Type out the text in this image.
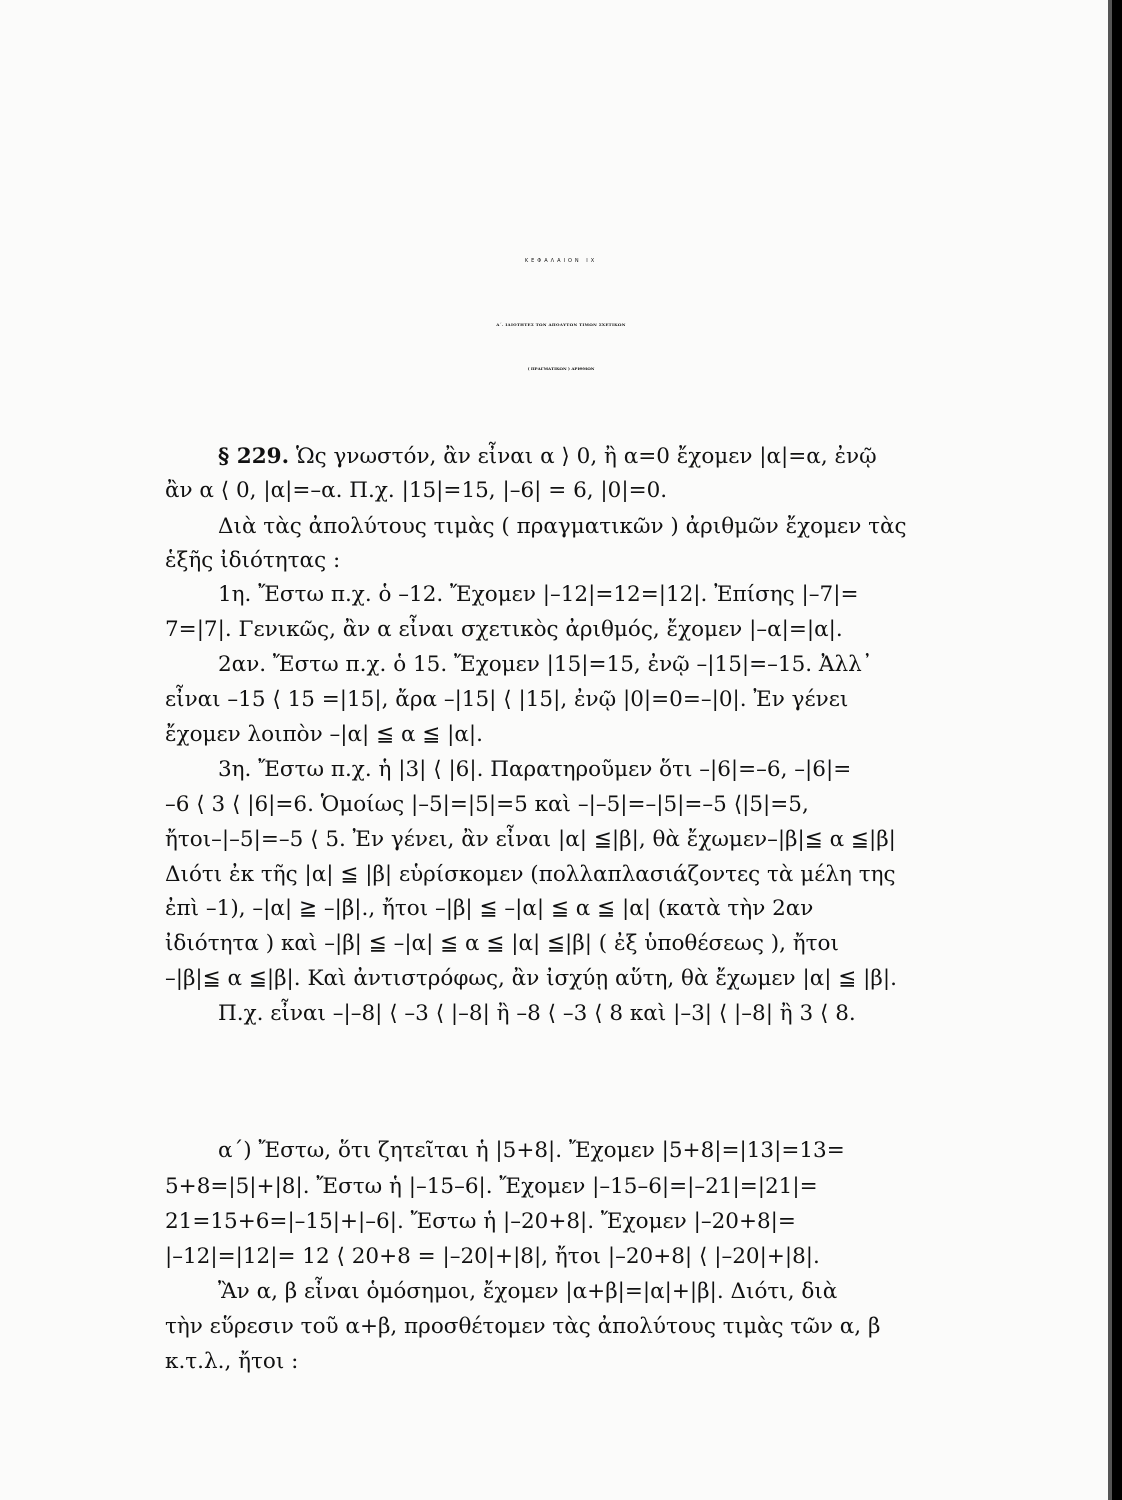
ΚΕΦΑΛΑΙΟΝ ΙΧ
Α΄. ΙΔΙΟΤΗΤΕΣ ΤΩΝ ΑΠΟΛΥΤΩΝ ΤΙΜΩΝ ΣΧΕΤΙΚΩΝ
( ΠΡΑΓΜΑΤΙΚΩΝ ) ΑΡΙΘΜΩΝ
§ 229. Ὡς γνωστόν, ἂν εἶναι α ⟩ 0, ἢ α=0 ἔχομεν |α|=α, ἐνῷ
ἂν α ⟨ 0, |α|=–α. Π.χ. |15|=15, |–6| = 6, |0|=0.
Διὰ τὰς ἀπολύτους τιμὰς ( πραγματικῶν ) ἀριθμῶν ἔχομεν τὰς
ἑξῆς ἰδιότητας :
1η. Ἔστω π.χ. ὁ –12. Ἔχομεν |–12|=12=|12|. Ἐπίσης |–7|=
7=|7|. Γενικῶς, ἂν α εἶναι σχετικὸς ἀριθμός, ἔχομεν |–α|=|α|.
2αν. Ἔστω π.χ. ὁ 15. Ἔχομεν |15|=15, ἐνῷ –|15|=–15. Ἀλλ᾽
εἶναι –15 ⟨ 15 =|15|, ἄρα –|15| ⟨ |15|, ἐνῷ |0|=0=–|0|. Ἐν γένει
ἔχομεν λοιπὸν –|α| ≦ α ≦ |α|.
3η. Ἔστω π.χ. ἡ |3| ⟨ |6|. Παρατηροῦμεν ὅτι –|6|=–6, –|6|=
–6 ⟨ 3 ⟨ |6|=6. Ὁμοίως |–5|=|5|=5 καὶ –|–5|=–|5|=–5 ⟨|5|=5,
ἤτοι–|–5|=–5 ⟨ 5. Ἐν γένει, ἂν εἶναι |α| ≦|β|, θὰ ἔχωμεν–|β|≦ α ≦|β|
Διότι ἐκ τῆς |α| ≦ |β| εὑρίσκομεν (πολλαπλασιάζοντες τὰ μέλη της
ἐπὶ –1), –|α| ≧ –|β|., ἤτοι –|β| ≦ –|α| ≦ α ≦ |α| (κατὰ τὴν 2αν
ἰδιότητα ) καὶ –|β| ≦ –|α| ≦ α ≦ |α| ≦|β| ( ἐξ ὑποθέσεως ), ἤτοι
–|β|≦ α ≦|β|. Καὶ ἀντιστρόφως, ἂν ἰσχύῃ αὕτη, θὰ ἔχωμεν |α| ≦ |β|.
Π.χ. εἶναι –|–8| ⟨ –3 ⟨ |–8| ἢ –8 ⟨ –3 ⟨ 8 καὶ |–3| ⟨ |–8| ἢ 3 ⟨ 8.
α΄) Ἔστω, ὅτι ζητεῖται ἡ |5+8|. Ἔχομεν |5+8|=|13|=13=
5+8=|5|+|8|. Ἔστω ἡ |–15–6|. Ἔχομεν |–15–6|=|–21|=|21|=
21=15+6=|–15|+|–6|. Ἔστω ἡ |–20+8|. Ἔχομεν |–20+8|=
|–12|=|12|= 12 ⟨ 20+8 = |–20|+|8|, ἤτοι |–20+8| ⟨ |–20|+|8|.
Ἂν α, β εἶναι ὁμόσημοι, ἔχομεν |α+β|=|α|+|β|. Διότι, διὰ
τὴν εὕρεσιν τοῦ α+β, προσθέτομεν τὰς ἀπολύτους τιμὰς τῶν α, β
κ.τ.λ., ἤτοι :
